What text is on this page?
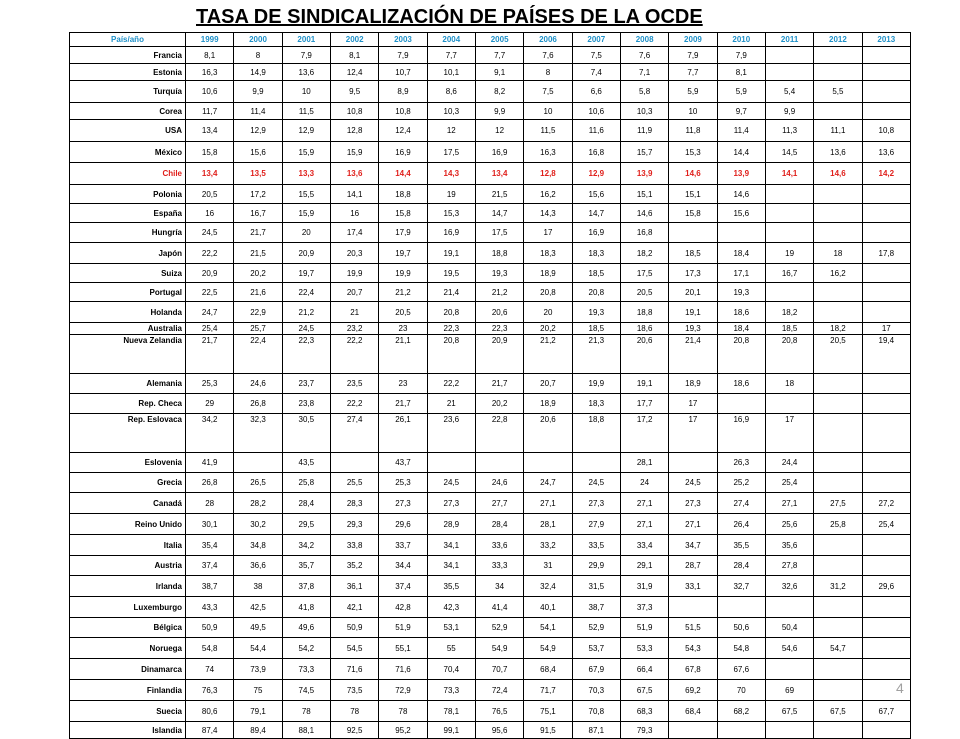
TASA DE SINDICALIZACIÓN DE PAÍSES DE LA OCDE
País/año	1999	2000	2001	2002	2003	2004	2005	2006	2007	2008	2009	2010	2011	2012	2013
Francia	8,1	8	7,9	8,1	7,9	7,7	7,7	7,6	7,5	7,6	7,9	7,9			
Estonia	16,3	14,9	13,6	12,4	10,7	10,1	9,1	8	7,4	7,1	7,7	8,1			
Turquía	10,6	9,9	10	9,5	8,9	8,6	8,2	7,5	6,6	5,8	5,9	5,9	5,4	5,5	
Corea	11,7	11,4	11,5	10,8	10,8	10,3	9,9	10	10,6	10,3	10	9,7	9,9		
USA	13,4	12,9	12,9	12,8	12,4	12	12	11,5	11,6	11,9	11,8	11,4	11,3	11,1	10,8
México	15,8	15,6	15,9	15,9	16,9	17,5	16,9	16,3	16,8	15,7	15,3	14,4	14,5	13,6	13,6
Chile	13,4	13,5	13,3	13,6	14,4	14,3	13,4	12,8	12,9	13,9	14,6	13,9	14,1	14,6	14,2
Polonia	20,5	17,2	15,5	14,1	18,8	19	21,5	16,2	15,6	15,1	15,1	14,6			
España	16	16,7	15,9	16	15,8	15,3	14,7	14,3	14,7	14,6	15,8	15,6			
Hungría	24,5	21,7	20	17,4	17,9	16,9	17,5	17	16,9	16,8					
Japón	22,2	21,5	20,9	20,3	19,7	19,1	18,8	18,3	18,3	18,2	18,5	18,4	19	18	17,8
Suiza	20,9	20,2	19,7	19,9	19,9	19,5	19,3	18,9	18,5	17,5	17,3	17,1	16,7	16,2	
Portugal	22,5	21,6	22,4	20,7	21,2	21,4	21,2	20,8	20,8	20,5	20,1	19,3			
Holanda	24,7	22,9	21,2	21	20,5	20,8	20,6	20	19,3	18,8	19,1	18,6	18,2		
Australia	25,4	25,7	24,5	23,2	23	22,3	22,3	20,2	18,5	18,6	19,3	18,4	18,5	18,2	17
Nueva Zelandia	21,7	22,4	22,3	22,2	21,1	20,8	20,9	21,2	21,3	20,6	21,4	20,8	20,8	20,5	19,4
Alemania	25,3	24,6	23,7	23,5	23	22,2	21,7	20,7	19,9	19,1	18,9	18,6	18		
Rep. Checa	29	26,8	23,8	22,2	21,7	21	20,2	18,9	18,3	17,7	17				
Rep. Eslovaca	34,2	32,3	30,5	27,4	26,1	23,6	22,8	20,6	18,8	17,2	17	16,9	17		
Eslovenia	41,9		43,5		43,7					28,1		26,3	24,4		
Grecia	26,8	26,5	25,8	25,5	25,3	24,5	24,6	24,7	24,5	24	24,5	25,2	25,4		
Canadá	28	28,2	28,4	28,3	27,3	27,3	27,7	27,1	27,3	27,1	27,3	27,4	27,1	27,5	27,2
Reino Unido	30,1	30,2	29,5	29,3	29,6	28,9	28,4	28,1	27,9	27,1	27,1	26,4	25,6	25,8	25,4
Italia	35,4	34,8	34,2	33,8	33,7	34,1	33,6	33,2	33,5	33,4	34,7	35,5	35,6		
Austria	37,4	36,6	35,7	35,2	34,4	34,1	33,3	31	29,9	29,1	28,7	28,4	27,8		
Irlanda	38,7	38	37,8	36,1	37,4	35,5	34	32,4	31,5	31,9	33,1	32,7	32,6	31,2	29,6
Luxemburgo	43,3	42,5	41,8	42,1	42,8	42,3	41,4	40,1	38,7	37,3					
Bélgica	50,9	49,5	49,6	50,9	51,9	53,1	52,9	54,1	52,9	51,9	51,5	50,6	50,4		
Noruega	54,8	54,4	54,2	54,5	55,1	55	54,9	54,9	53,7	53,3	54,3	54,8	54,6	54,7	
Dinamarca	74	73,9	73,3	71,6	71,6	70,4	70,7	68,4	67,9	66,4	67,8	67,6			
Finlandia	76,3	75	74,5	73,5	72,9	73,3	72,4	71,7	70,3	67,5	69,2	70	69		
Suecia	80,6	79,1	78	78	78	78,1	76,5	75,1	70,8	68,3	68,4	68,2	67,5	67,5	67,7
Islandia	87,4	89,4	88,1	92,5	95,2	99,1	95,6	91,5	87,1	79,3					
4
